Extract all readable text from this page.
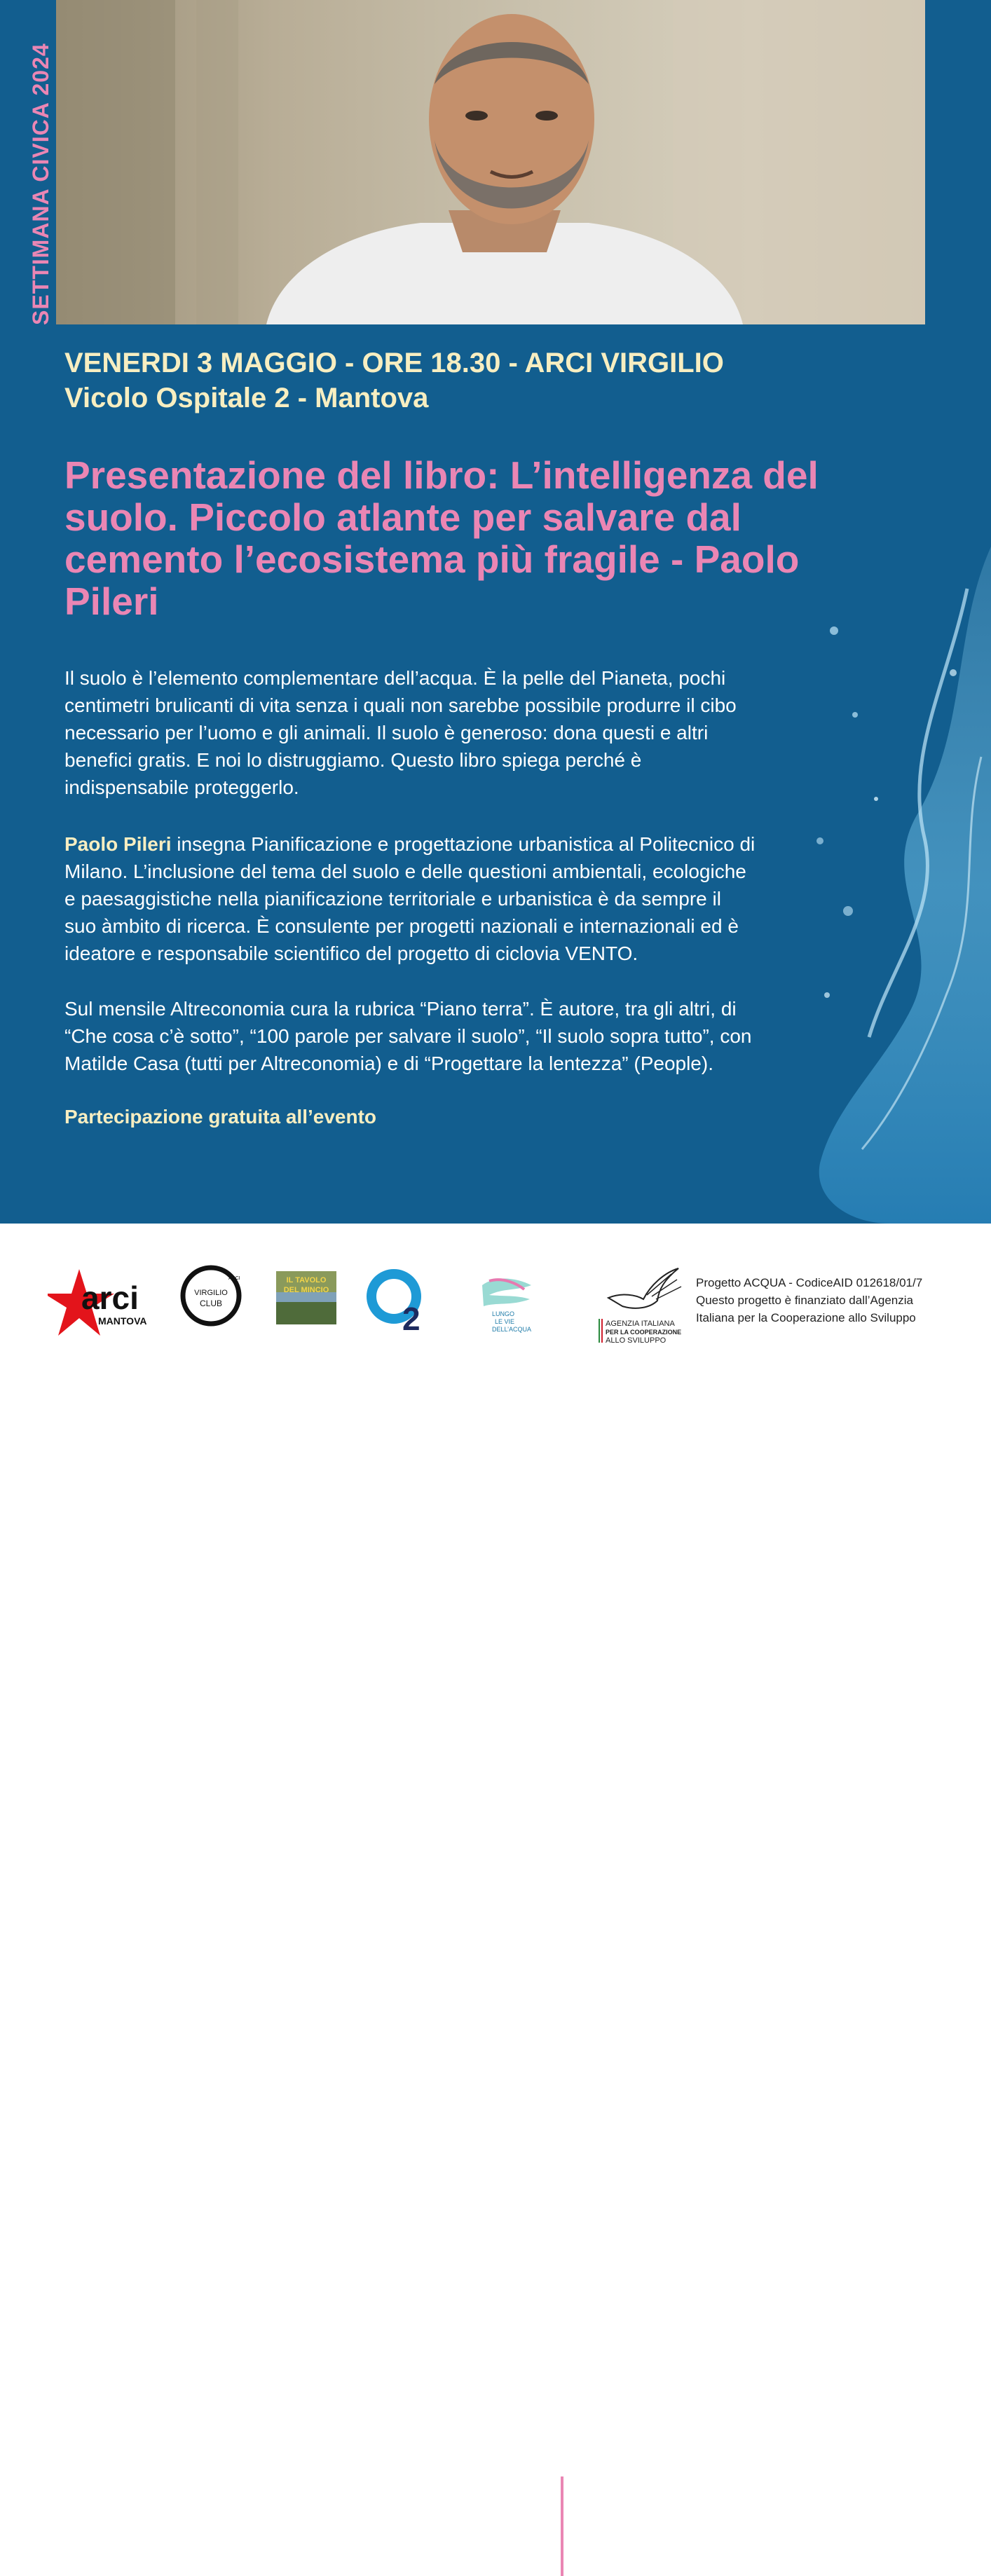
SETTIMANA CIVICA 2024
VENERDI 3 MAGGIO - ORE 18.30 - ARCI VIRGILIO
Vicolo Ospitale 2 - Mantova
Presentazione del libro: L’intelligenza del
suolo. Piccolo atlante per salvare dal
cemento l’ecosistema più fragile - Paolo
Pileri
Il suolo è l’elemento complementare dell’acqua. È la pelle del Pianeta, pochi
centimetri brulicanti di vita senza i quali non sarebbe possibile produrre il cibo
necessario per l’uomo e gli animali. Il suolo è generoso: dona questi e altri
benefici gratis. E noi lo distruggiamo. Questo libro spiega perché è
indispensabile proteggerlo.
Paolo Pileri insegna Pianificazione e progettazione urbanistica al Politecnico di
Milano. L’inclusione del tema del suolo e delle questioni ambientali, ecologiche
e paesaggistiche nella pianificazione territoriale e urbanistica è da sempre il
suo àmbito di ricerca. È consulente per progetti nazionali e internazionali ed è
ideatore e responsabile scientifico del progetto di ciclovia VENTO.
Sul mensile Altreconomia cura la rubrica “Piano terra”. È autore, tra gli altri, di
“Che cosa c’è sotto”, “100 parole per salvare il suolo”, “Il suolo sopra tutto”, con
Matilde Casa (tutti per Altreconomia) e di “Progettare la lentezza” (People).
Partecipazione gratuita all’evento
arci
MANTOVA
VIRGILIO
CLUB
ARCI	IL TAVOLO
DEL MINCIO
2	LUNGO
LE VIE
DELL’ACQUA
AGENZIA ITALIANA
PER LA COOPERAZIONE
ALLO SVILUPPO
Progetto ACQUA - CodiceAID 012618/01/7
Questo progetto è finanziato dall’Agenzia
Italiana per la Cooperazione allo Sviluppo
